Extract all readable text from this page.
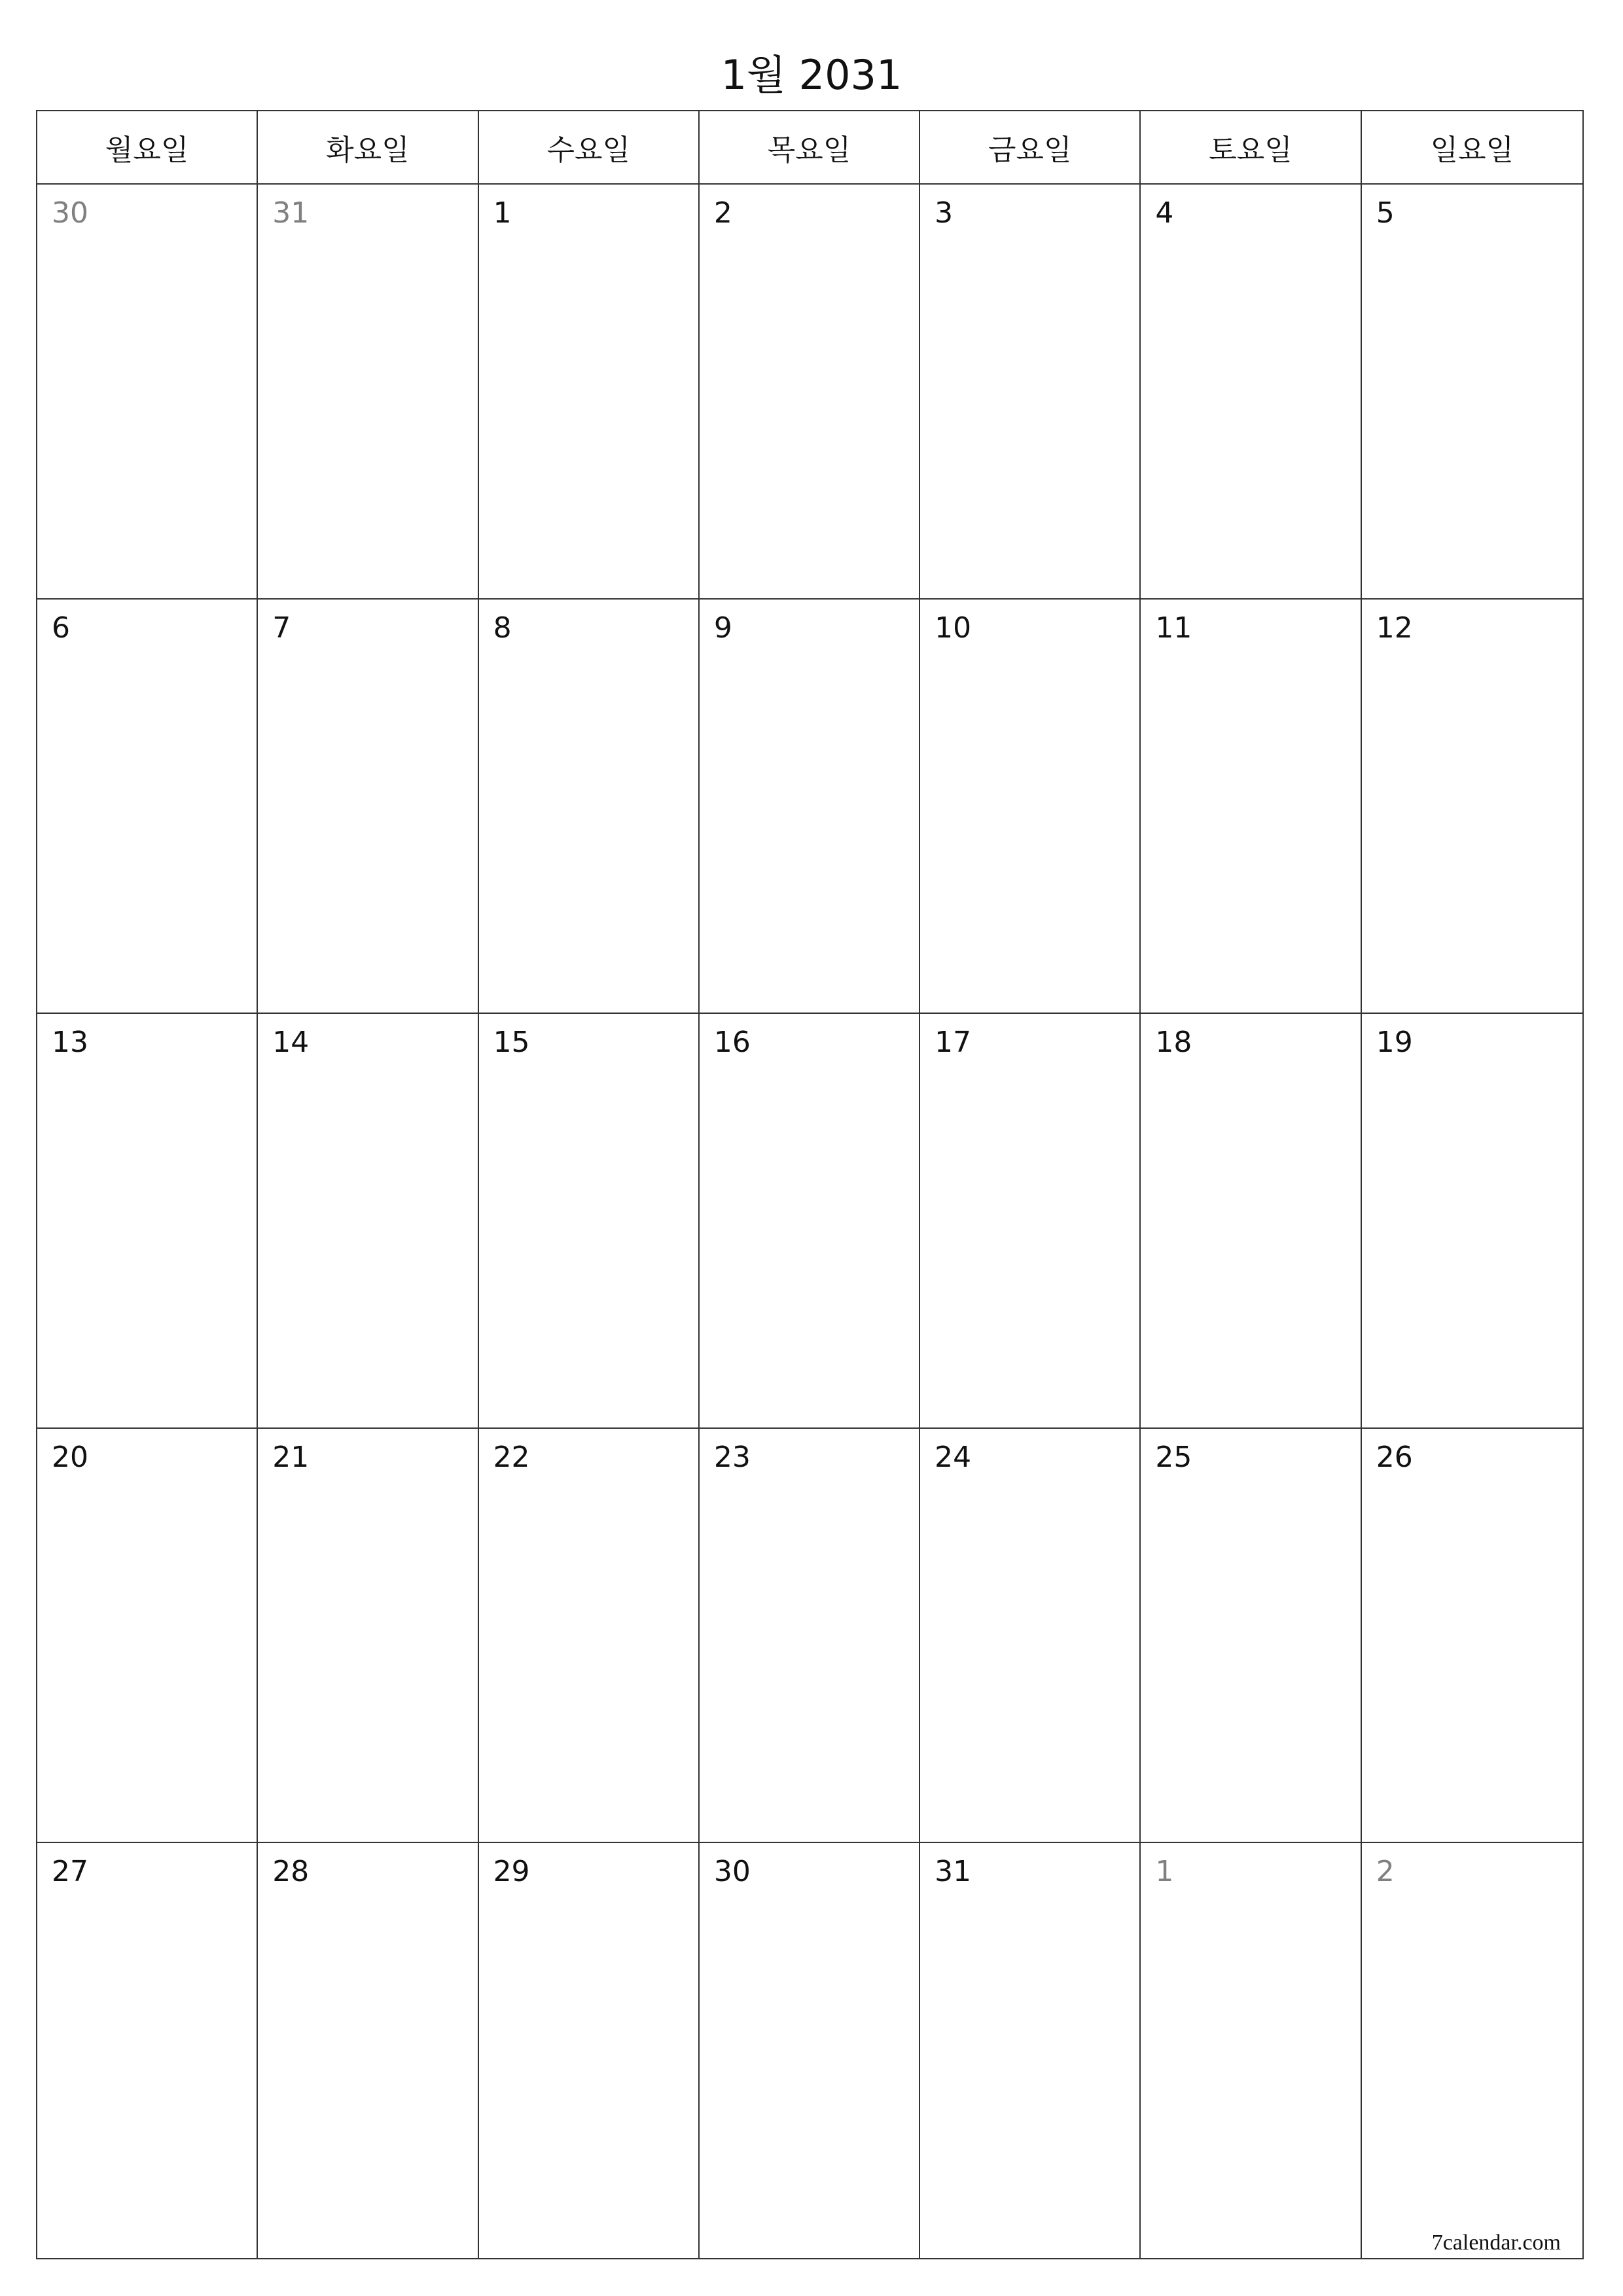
1월 2031
월요일	화요일	수요일	목요일	금요일	토요일	일요일
30	31	1	2	3	4	5
6	7	8	9	10	11	12
13	14	15	16	17	18	19
20	21	22	23	24	25	26
27	28	29	30	31	1	2
7calendar.com
